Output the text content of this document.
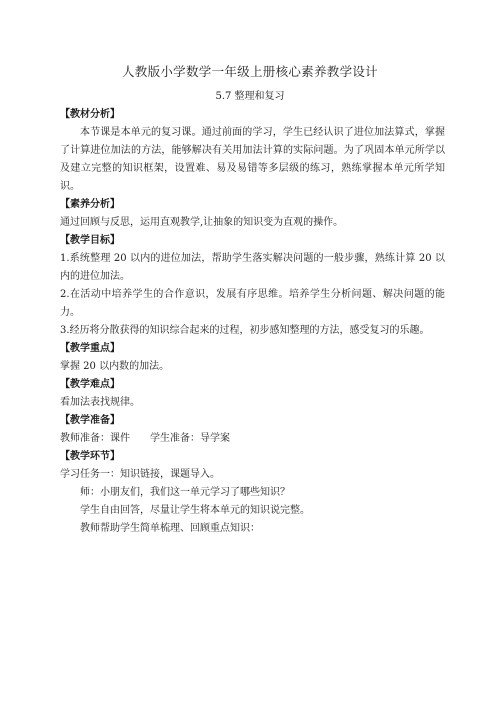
人教版小学数学一年级上册核心素养教学设计
5.7 整理和复习
【教材分析】

本节课是本单元的复习课。通过前面的学习，学生已经认识了进位加法算式，掌握了计算进位加法的方法，能够解决有关用加法计算的实际问题。为了巩固本单元所学以及建立完整的知识框架，设置难、易及易错等多层级的练习，熟练掌握本单元所学知识。

【素养分析】

通过回顾与反思，运用直观教学,让抽象的知识变为直观的操作。

【教学目标】

1.系统整理 20 以内的进位加法，帮助学生落实解决问题的一般步骤，熟练计算 20 以内的进位加法。

2.在活动中培养学生的合作意识，发展有序思维。培养学生分析问题、解决问题的能力。

3.经历将分散获得的知识综合起来的过程，初步感知整理的方法，感受复习的乐趣。

【教学重点】

掌握 20 以内数的加法。

【教学难点】

看加法表找规律。

【教学准备】

教师准备：课件 学生准备：导学案

【教学环节】

学习任务一：知识链接，课题导入。

师：小朋友们，我们这一单元学习了哪些知识？

学生自由回答，尽量让学生将本单元的知识说完整。

教师帮助学生简单梳理、回顾重点知识：
